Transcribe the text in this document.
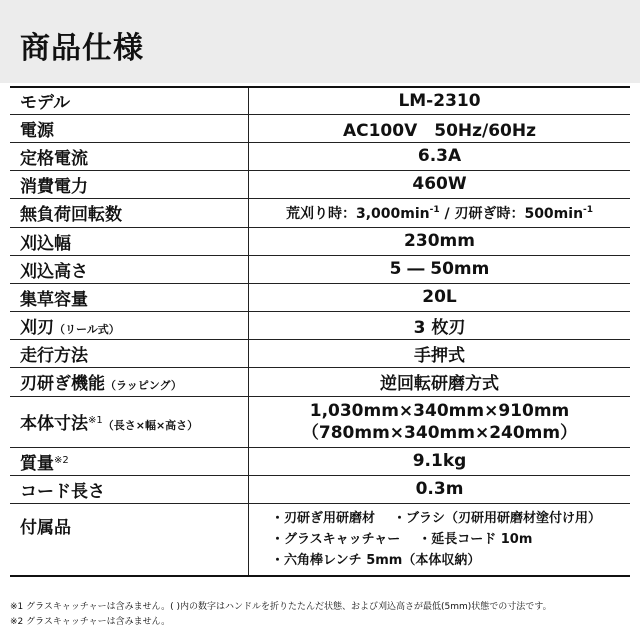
商品仕様
モデル	LM-2310
電源	AC100V　50Hz/60Hz
定格電流	6.3A
消費電力	460W
無負荷回転数	荒刈り時：$3,000\min^{-1}$ / 刃研ぎ時：$500\min^{-1}$
刈込幅	230mm
刈込高さ	5 ― 50mm
集草容量	20L
刈刃（リール式）	3 枚刃
走行方法	手押式
刃研ぎ機能（ラッピング）	逆回転研磨方式
本体寸法$^{※1}$（長さ×幅×高さ）	1,030mm×340mm×910mm
（780mm×340mm×240mm）

質量$^{※2}$	9.1kg
コード長さ	0.3m
付属品	・刃研ぎ用研磨材 ・ブラシ（刃研用研磨材塗付け用）
・グラスキャッチャー ・延長コード 10m
・六角棒レンチ 5mm（本体収納）
※1 グラスキャッチャーは含みません。( )内の数字はハンドルを折りたたんだ状態、および刈込高さが最低(5mm)状態での寸法です。
※2 グラスキャッチャーは含みません。
